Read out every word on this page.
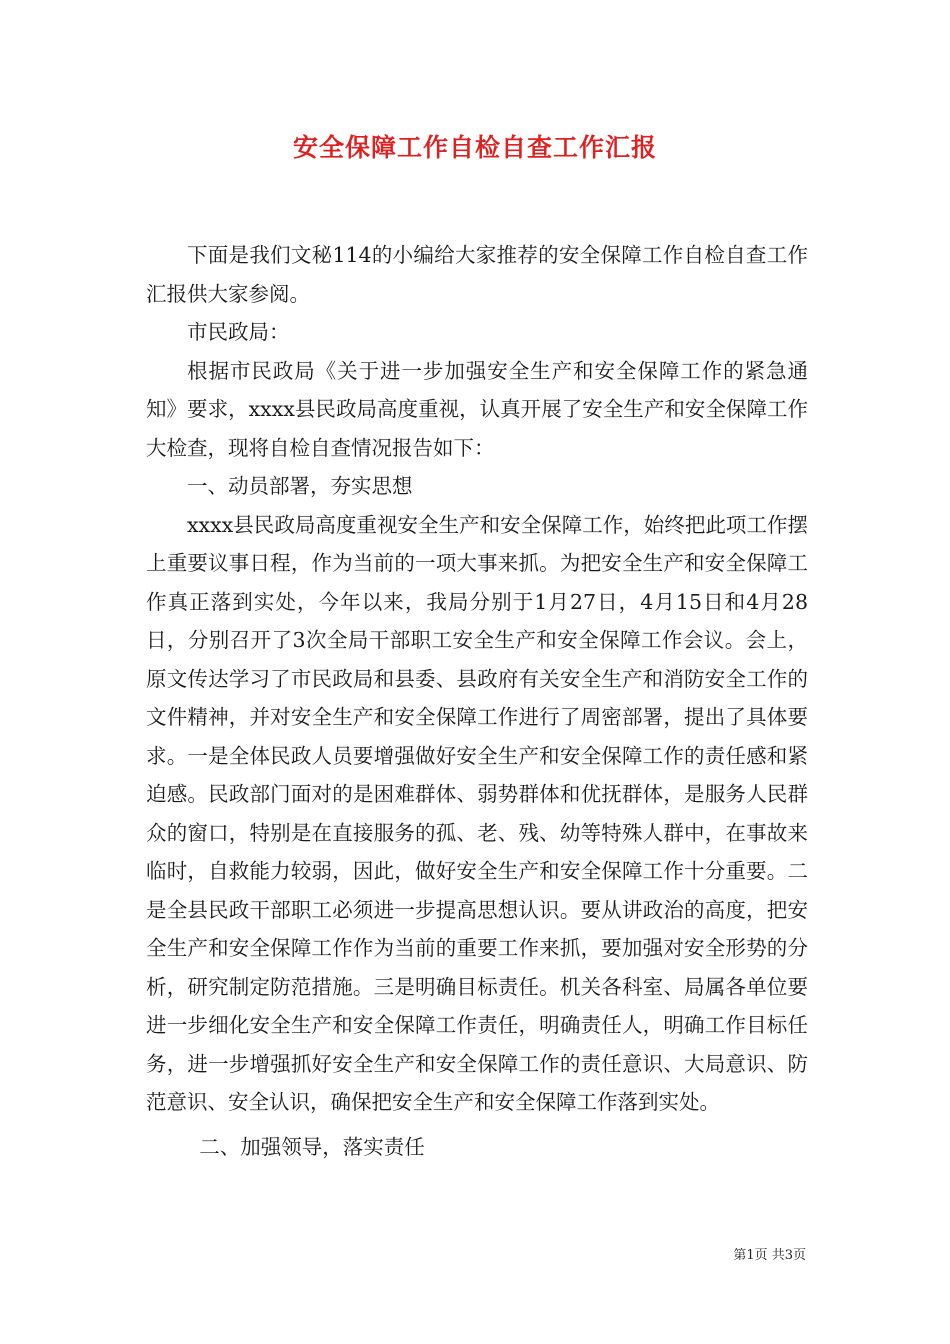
安全保障工作自检自查工作汇报

下面是我们文秘114的小编给大家推荐的安全保障工作自检自查工作汇报供大家参阅。

市民政局：

根据市民政局《关于进一步加强安全生产和安全保障工作的紧急通知》要求，xxxx县民政局高度重视，认真开展了安全生产和安全保障工作大检查，现将自检自查情况报告如下：

一、动员部署，夯实思想

xxxx县民政局高度重视安全生产和安全保障工作，始终把此项工作摆上重要议事日程，作为当前的一项大事来抓。为把安全生产和安全保障工作真正落到实处，今年以来，我局分别于1月27日，4月15日和4月28日，分别召开了3次全局干部职工安全生产和安全保障工作会议。会上，原文传达学习了市民政局和县委、县政府有关安全生产和消防安全工作的文件精神，并对安全生产和安全保障工作进行了周密部署，提出了具体要求。一是全体民政人员要增强做好安全生产和安全保障工作的责任感和紧迫感。民政部门面对的是困难群体、弱势群体和优抚群体，是服务人民群众的窗口，特别是在直接服务的孤、老、残、幼等特殊人群中，在事故来临时，自救能力较弱，因此，做好安全生产和安全保障工作十分重要。二是全县民政干部职工必须进一步提高思想认识。要从讲政治的高度，把安全生产和安全保障工作作为当前的重要工作来抓，要加强对安全形势的分析，研究制定防范措施。三是明确目标责任。机关各科室、局属各单位要进一步细化安全生产和安全保障工作责任，明确责任人，明确工作目标任务，进一步增强抓好安全生产和安全保障工作的责任意识、大局意识、防范意识、安全认识，确保把安全生产和安全保障工作落到实处。

二、加强领导，落实责任

第1页 共3页
